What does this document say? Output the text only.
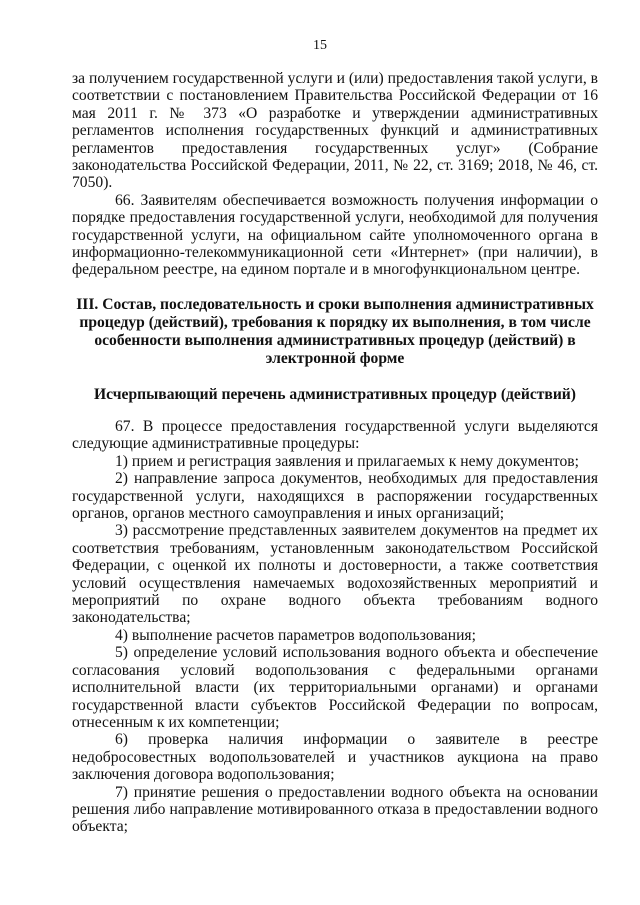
15

за получением государственной услуги и (или) предоставления такой услуги, в соответствии с постановлением Правительства Российской Федерации от 16 мая 2011 г. № 373 «О разработке и утверждении административных регламентов исполнения государственных функций и административных регламентов предоставления государственных услуг» (Собрание законодательства Российской Федерации, 2011, № 22, ст. 3169; 2018, № 46, ст. 7050).

66. Заявителям обеспечивается возможность получения информации о порядке предоставления государственной услуги, необходимой для получения государственной услуги, на официальном сайте уполномоченного органа в информационно-телекоммуникационной сети «Интернет» (при наличии), в федеральном реестре, на едином портале и в многофункциональном центре.

III. Состав, последовательность и сроки выполнения административных процедур (действий), требования к порядку их выполнения, в том числе особенности выполнения административных процедур (действий) в электронной форме
Исчерпывающий перечень административных процедур (действий)

67. В процессе предоставления государственной услуги выделяются следующие административные процедуры:

1) прием и регистрация заявления и прилагаемых к нему документов;

2) направление запроса документов, необходимых для предоставления государственной услуги, находящихся в распоряжении государственных органов, органов местного самоуправления и иных организаций;

3) рассмотрение представленных заявителем документов на предмет их соответствия требованиям, установленным законодательством Российской Федерации, с оценкой их полноты и достоверности, а также соответствия условий осуществления намечаемых водохозяйственных мероприятий и мероприятий по охране водного объекта требованиям водного законодательства;

4) выполнение расчетов параметров водопользования;

5) определение условий использования водного объекта и обеспечение согласования условий водопользования с федеральными органами исполнительной власти (их территориальными органами) и органами государственной власти субъектов Российской Федерации по вопросам, отнесенным к их компетенции;

6) проверка наличия информации о заявителе в реестре недобросовестных водопользователей и участников аукциона на право заключения договора водопользования;

7) принятие решения о предоставлении водного объекта на основании решения либо направление мотивированного отказа в предоставлении водного объекта;
